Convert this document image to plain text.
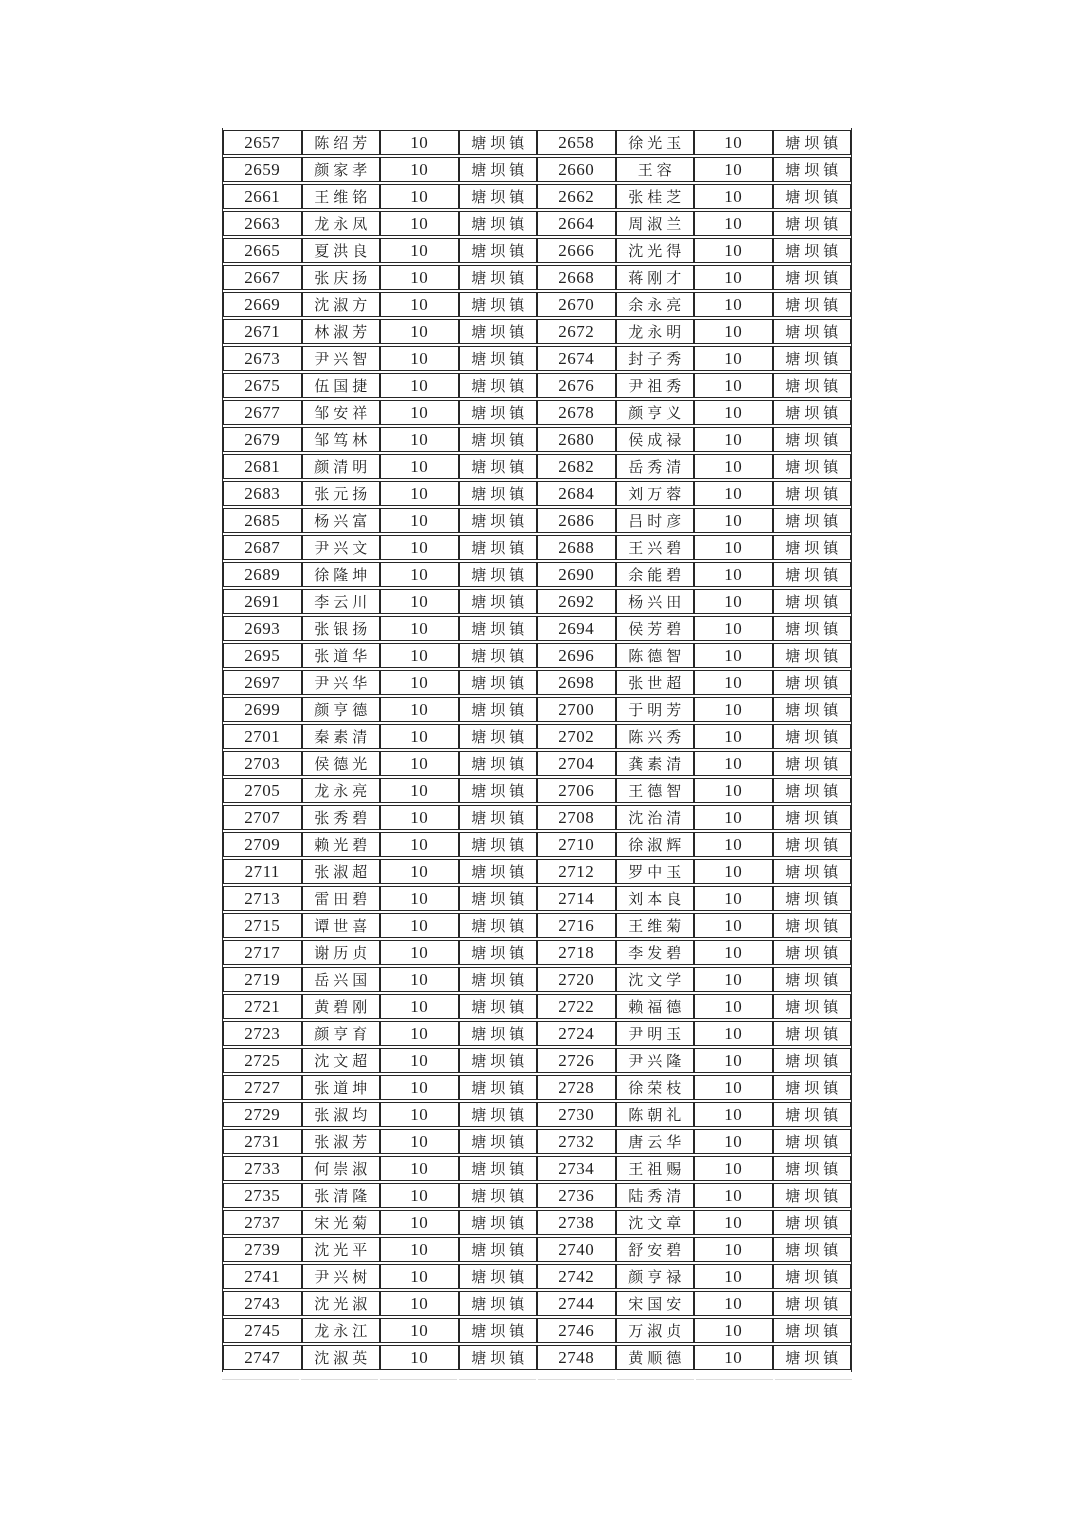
2657	陈绍芳	10	塘坝镇	2658	徐光玉	10	塘坝镇
2659	颜家孝	10	塘坝镇	2660	王容	10	塘坝镇
2661	王维铭	10	塘坝镇	2662	张桂芝	10	塘坝镇
2663	龙永凤	10	塘坝镇	2664	周淑兰	10	塘坝镇
2665	夏洪良	10	塘坝镇	2666	沈光得	10	塘坝镇
2667	张庆扬	10	塘坝镇	2668	蒋刚才	10	塘坝镇
2669	沈淑方	10	塘坝镇	2670	余永亮	10	塘坝镇
2671	林淑芳	10	塘坝镇	2672	龙永明	10	塘坝镇
2673	尹兴智	10	塘坝镇	2674	封子秀	10	塘坝镇
2675	伍国捷	10	塘坝镇	2676	尹祖秀	10	塘坝镇
2677	邹安祥	10	塘坝镇	2678	颜亨义	10	塘坝镇
2679	邹笃林	10	塘坝镇	2680	侯成禄	10	塘坝镇
2681	颜清明	10	塘坝镇	2682	岳秀清	10	塘坝镇
2683	张元扬	10	塘坝镇	2684	刘万蓉	10	塘坝镇
2685	杨兴富	10	塘坝镇	2686	吕时彦	10	塘坝镇
2687	尹兴文	10	塘坝镇	2688	王兴碧	10	塘坝镇
2689	徐隆坤	10	塘坝镇	2690	余能碧	10	塘坝镇
2691	李云川	10	塘坝镇	2692	杨兴田	10	塘坝镇
2693	张银扬	10	塘坝镇	2694	侯芳碧	10	塘坝镇
2695	张道华	10	塘坝镇	2696	陈德智	10	塘坝镇
2697	尹兴华	10	塘坝镇	2698	张世超	10	塘坝镇
2699	颜亨德	10	塘坝镇	2700	于明芳	10	塘坝镇
2701	秦素清	10	塘坝镇	2702	陈兴秀	10	塘坝镇
2703	侯德光	10	塘坝镇	2704	龚素清	10	塘坝镇
2705	龙永亮	10	塘坝镇	2706	王德智	10	塘坝镇
2707	张秀碧	10	塘坝镇	2708	沈治清	10	塘坝镇
2709	赖光碧	10	塘坝镇	2710	徐淑辉	10	塘坝镇
2711	张淑超	10	塘坝镇	2712	罗中玉	10	塘坝镇
2713	雷田碧	10	塘坝镇	2714	刘本良	10	塘坝镇
2715	谭世喜	10	塘坝镇	2716	王维菊	10	塘坝镇
2717	谢历贞	10	塘坝镇	2718	李发碧	10	塘坝镇
2719	岳兴国	10	塘坝镇	2720	沈文学	10	塘坝镇
2721	黄碧刚	10	塘坝镇	2722	赖福德	10	塘坝镇
2723	颜亨育	10	塘坝镇	2724	尹明玉	10	塘坝镇
2725	沈文超	10	塘坝镇	2726	尹兴隆	10	塘坝镇
2727	张道坤	10	塘坝镇	2728	徐荣枝	10	塘坝镇
2729	张淑均	10	塘坝镇	2730	陈朝礼	10	塘坝镇
2731	张淑芳	10	塘坝镇	2732	唐云华	10	塘坝镇
2733	何崇淑	10	塘坝镇	2734	王祖赐	10	塘坝镇
2735	张清隆	10	塘坝镇	2736	陆秀清	10	塘坝镇
2737	宋光菊	10	塘坝镇	2738	沈文章	10	塘坝镇
2739	沈光平	10	塘坝镇	2740	舒安碧	10	塘坝镇
2741	尹兴树	10	塘坝镇	2742	颜亨禄	10	塘坝镇
2743	沈光淑	10	塘坝镇	2744	宋国安	10	塘坝镇
2745	龙永江	10	塘坝镇	2746	万淑贞	10	塘坝镇
2747	沈淑英	10	塘坝镇	2748	黄顺德	10	塘坝镇
